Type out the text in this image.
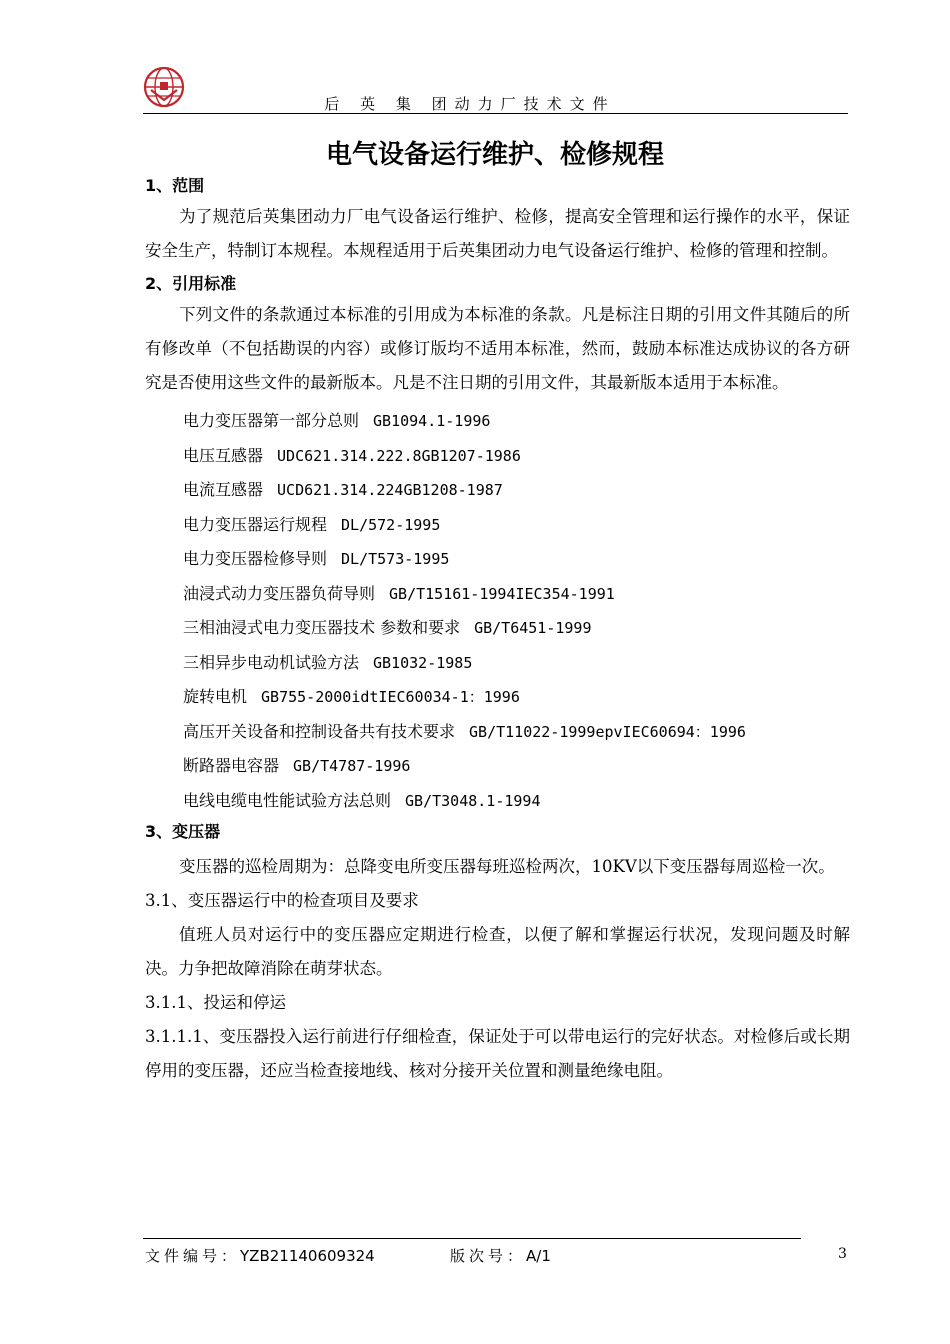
后 英 集 团动力厂技术文件
电气设备运行维护、检修规程

1、范围

为了规范后英集团动力厂电气设备运行维护、检修，提高安全管理和运行操作的水平，保证安全生产，特制订本规程。本规程适用于后英集团动力电气设备运行维护、检修的管理和控制。

2、引用标准

下列文件的条款通过本标准的引用成为本标准的条款。凡是标注日期的引用文件其随后的所有修改单（不包括勘误的内容）或修订版均不适用本标准，然而，鼓励本标准达成协议的各方研究是否使用这些文件的最新版本。凡是不注日期的引用文件，其最新版本适用于本标准。

电力变压器第一部分总则 GB1094.1-1996

电压互感器 UDC621.314.222.8GB1207-1986

电流互感器 UCD621.314.224GB1208-1987

电力变压器运行规程 DL/572-1995

电力变压器检修导则 DL/T573-1995

油浸式动力变压器负荷导则 GB/T15161-1994IEC354-1991

三相油浸式电力变压器技术 参数和要求 GB/T6451-1999

三相异步电动机试验方法 GB1032-1985

旋转电机 GB755-2000idtIEC60034-1：1996

高压开关设备和控制设备共有技术要求 GB/T11022-1999epvIEC60694：1996

断路器电容器 GB/T4787-1996

电线电缆电性能试验方法总则 GB/T3048.1-1994

3、变压器

变压器的巡检周期为：总降变电所变压器每班巡检两次，10KV以下变压器每周巡检一次。

3.1、变压器运行中的检查项目及要求

值班人员对运行中的变压器应定期进行检查，以便了解和掌握运行状况，发现问题及时解决。力争把故障消除在萌芽状态。

3.1.1、投运和停运

3.1.1.1、变压器投入运行前进行仔细检查，保证处于可以带电运行的完好状态。对检修后或长期停用的变压器，还应当检查接地线、核对分接开关位置和测量绝缘电阻。

文件编号：YZB21140609324	版次号：A/1	3
